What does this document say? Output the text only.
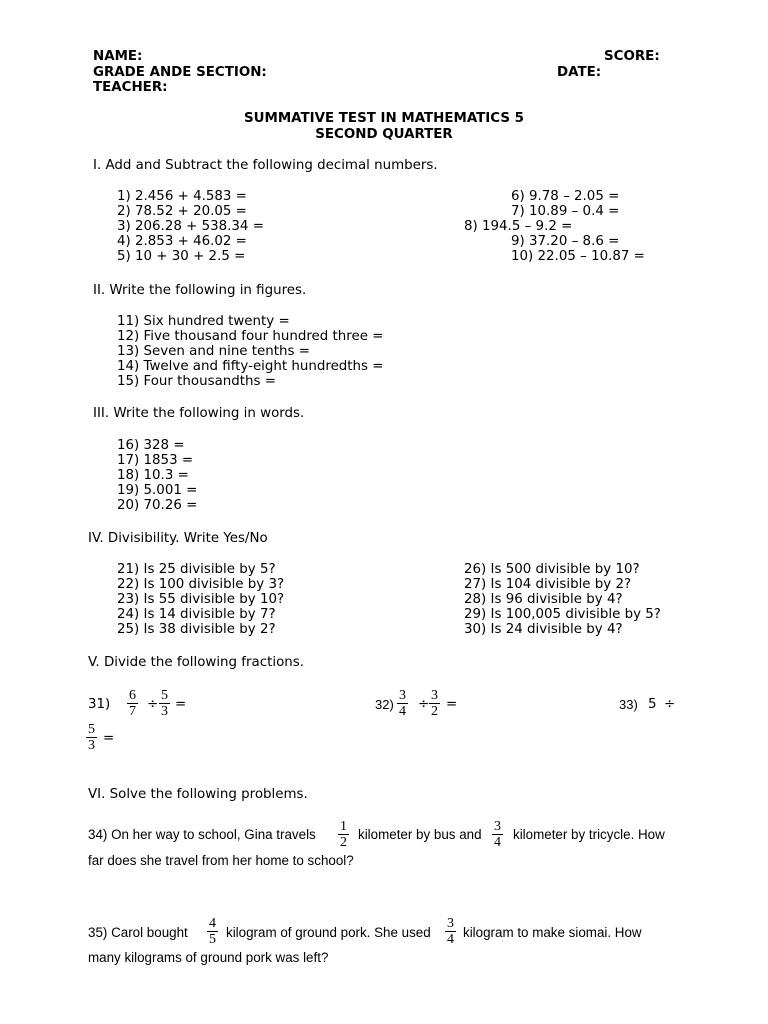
NAME:	SCORE:
GRADE ANDE SECTION:	DATE:
TEACHER:
SUMMATIVE TEST IN MATHEMATICS 5
SECOND QUARTER
I. Add and Subtract the following decimal numbers.
1) 2.456 + 4.583 =
2) 78.52 + 20.05 =
3) 206.28 + 538.34 =
4) 2.853 + 46.02 =
5) 10 + 30 + 2.5 =
6) 9.78 – 2.05 =
7) 10.89 – 0.4 =
8) 194.5 – 9.2 =
9) 37.20 – 8.6 =
10) 22.05 – 10.87 =
II. Write the following in figures.
11) Six hundred twenty =
12) Five thousand four hundred three =
13) Seven and nine tenths =
14) Twelve and fifty-eight hundredths =
15) Four thousandths =
III. Write the following in words.
16) 328 =
17) 1853 =
18) 10.3 =
19) 5.001 =
20) 70.26 =
IV. Divisibility. Write Yes/No
21) Is 25 divisible by 5?
22) Is 100 divisible by 3?
23) Is 55 divisible by 10?
24) Is 14 divisible by 7?
25) Is 38 divisible by 2?
26) Is 500 divisible by 10?
27) Is 104 divisible by 2?
28) Is 96 divisible by 4?
29) Is 100,005 divisible by 5?
30) Is 24 divisible by 4?
V. Divide the following fractions.
$31) \frac{6}{7} \div \frac{5}{3}$ =	$32) \frac{3}{4} \div \frac{3}{2}$ =	33) 5 ÷
$\frac{5}{3}$ =
VI. Solve the following problems.
34) On her way to school, Gina travels $\frac{1}{2}$ kilometer by bus and $\frac{3}{4}$ kilometer by tricycle. How
far does she travel from her home to school?
35) Carol bought $\frac{4}{5}$ kilogram of ground pork. She used $\frac{3}{4}$ kilogram to make siomai. How
many kilograms of ground pork was left?
